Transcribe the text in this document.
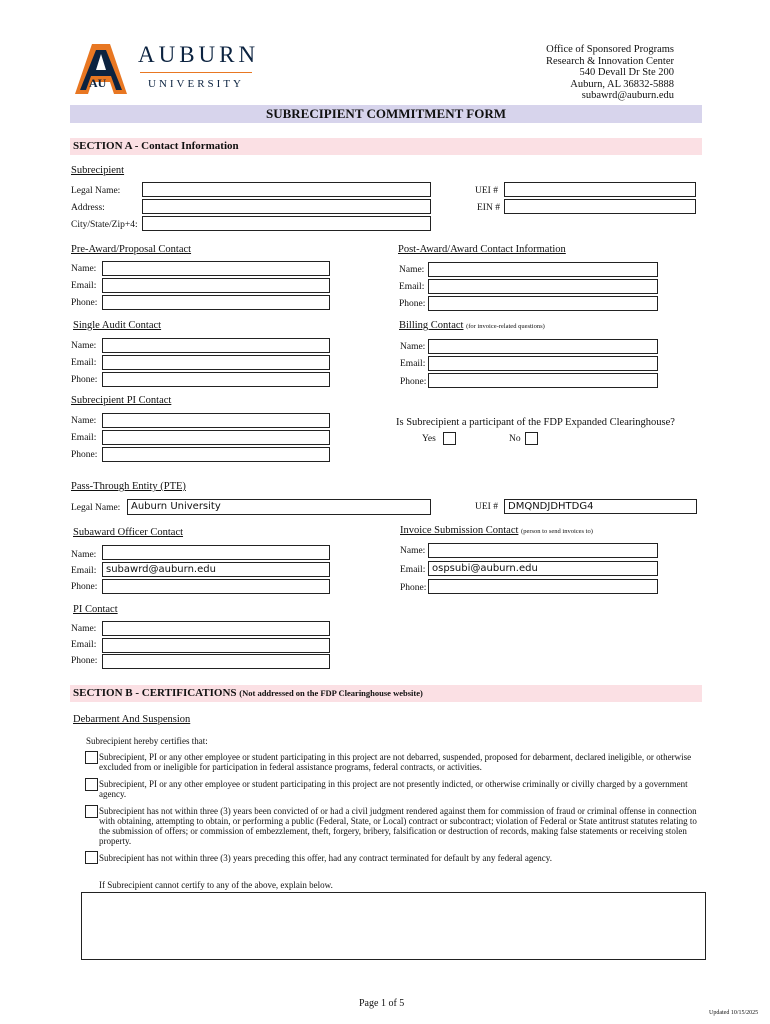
AU
AUBURN
UNIVERSITY
Office of Sponsored Programs
Research & Innovation Center
540 Devall Dr Ste 200
Auburn, AL 36832-5888
subawrd@auburn.edu
SUBRECIPIENT COMMITMENT FORM
SECTION A - Contact Information
Subrecipient
Legal Name:
Address:
City/State/Zip+4:
UEI #
EIN #
Pre-Award/Proposal Contact
Name:
Email:
Phone:
Post-Award/Award Contact Information
Name:
Email:
Phone:
Single Audit Contact
Name:
Email:
Phone:
Billing Contact (for invoice-related questions)
Name:
Email:
Phone:
Subrecipient PI Contact
Name:
Email:
Phone:
Is Subrecipient a participant of the FDP Expanded Clearinghouse?
Yes	No
Pass-Through Entity (PTE)
Legal Name:	Auburn University	UEI #	DMQNDJDHTDG4
Subaward Officer Contact
Name:
Email: subawrd@auburn.edu
Phone:
Invoice Submission Contact (person to send invoices to)
Name:
Email: ospsubi@auburn.edu
Phone:
PI Contact
Name:
Email:
Phone:
SECTION B - CERTIFICATIONS (Not addressed on the FDP Clearinghouse website)
Debarment And Suspension
Subrecipient hereby certifies that:
Subrecipient, PI or any other employee or student participating in this project are not debarred, suspended, proposed for debarment, declared ineligible, or otherwise excluded from or ineligible for participation in federal assistance programs, federal contracts, or activities.
Subrecipient, PI or any other employee or student participating in this project are not presently indicted, or otherwise criminally or civilly charged by a government agency.
Subrecipient has not within three (3) years been convicted of or had a civil judgment rendered against them for commission of fraud or criminal offense in connection with obtaining, attempting to obtain, or performing a public (Federal, State, or Local) contract or subcontract; violation of Federal or State antitrust statutes relating to the submission of offers; or commission of embezzlement, theft, forgery, bribery, falsification or destruction of records, making false statements or receiving stolen property.
Subrecipient has not within three (3) years preceding this offer, had any contract terminated for default by any federal agency.
If Subrecipient cannot certify to any of the above, explain below.
Page 1 of 5
Updated 10/15/2025
